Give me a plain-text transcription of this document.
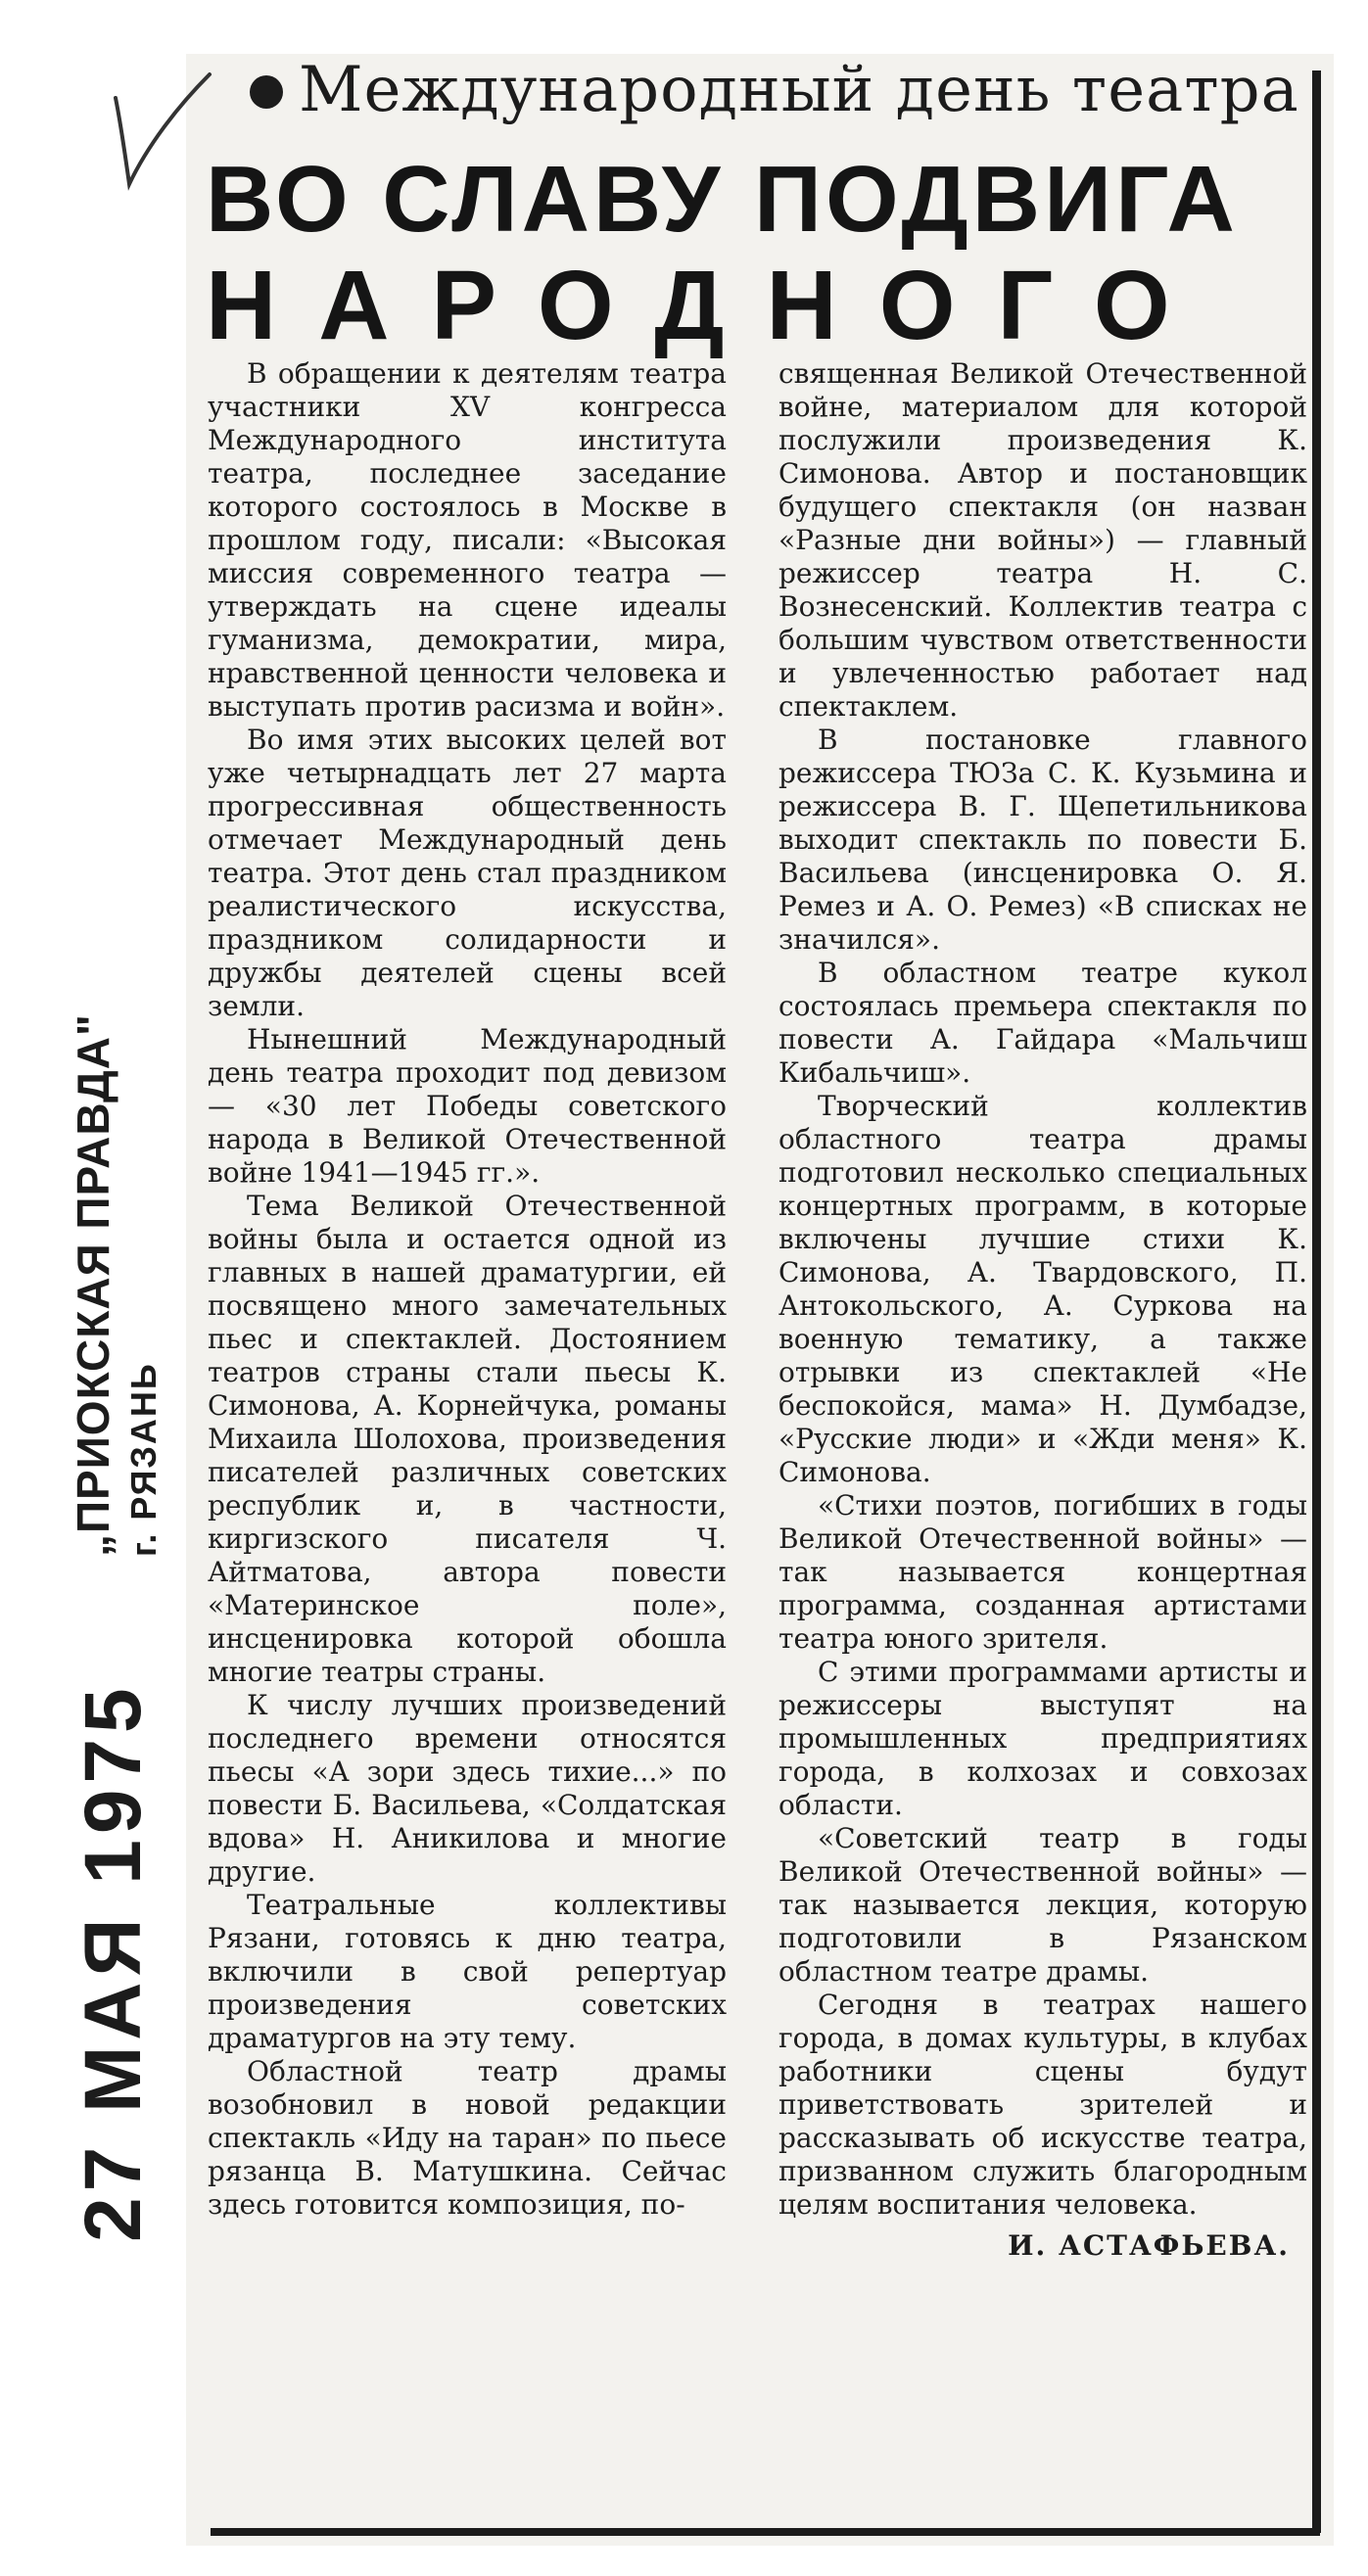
Международный день театра
ВО СЛАВУ ПОДВИГА
НАРОДНОГО

В обращении к деятелям театра участники XV конгресса Международного института театра, последнее заседание которого состоялось в Москве в прошлом году, писали: «Высокая миссия современного театра — утверждать на сцене идеалы гуманизма, демократии, мира, нравственной ценности человека и выступать против расизма и войн».

Во имя этих высоких целей вот уже четырнадцать лет 27 марта прогрессивная общественность отмечает Международный день театра. Этот день стал праздником реалистического искусства, праздником солидарности и дружбы деятелей сцены всей земли.

Нынешний Международный день театра проходит под девизом — «30 лет Победы советского народа в Великой Отечественной войне 1941—1945 гг.».

Тема Великой Отечественной войны была и остается одной из главных в нашей драматургии, ей посвящено много замечательных пьес и спектаклей. Достоянием театров страны стали пьесы К. Симонова, А. Корнейчука, романы Михаила Шолохова, произведения писателей различных советских республик и, в частности, киргизского писателя Ч. Айтматова, автора повести «Материнское поле», инсценировка которой обошла многие театры страны.

К числу лучших произведений последнего времени относятся пьесы «А зори здесь тихие...» по повести Б. Васильева, «Солдатская вдова» Н. Аникилова и многие другие.

Театральные коллективы Рязани, готовясь к дню театра, включили в свой репертуар произведения советских драматургов на эту тему.

Областной театр драмы возобновил в новой редакции спектакль «Иду на таран» по пьесе рязанца В. Матушкина. Сейчас здесь готовится композиция, по-

священная Великой Отечественной войне, материалом для которой послужили произведения К. Симонова. Автор и постановщик будущего спектакля (он назван «Разные дни войны») — главный режиссер театра Н. С. Вознесенский. Коллектив театра с большим чувством ответственности и увлеченностью работает над спектаклем.

В постановке главного режиссера ТЮЗа С. К. Кузьмина и режиссера В. Г. Щепетильникова выходит спектакль по повести Б. Васильева (инсценировка О. Я. Ремез и А. О. Ремез) «В списках не значился».

В областном театре кукол состоялась премьера спектакля по повести А. Гайдара «Мальчиш Кибальчиш».

Творческий коллектив областного театра драмы подготовил несколько специальных концертных программ, в которые включены лучшие стихи К. Симонова, А. Твардовского, П. Антокольского, А. Суркова на военную тематику, а также отрывки из спектаклей «Не беспокойся, мама» Н. Думбадзе, «Русские люди» и «Жди меня» К. Симонова.

«Стихи поэтов, погибших в годы Великой Отечественной войны» — так называется концертная программа, созданная артистами театра юного зрителя.

С этими программами артисты и режиссеры выступят на промышленных предприятиях города, в колхозах и совхозах области.

«Советский театр в годы Великой Отечественной войны» — так называется лекция, которую подготовили в Рязанском областном театре драмы.

Сегодня в театрах нашего города, в домах культуры, в клубах работники сцены будут приветствовать зрителей и рассказывать об искусстве театра, призванном служить благородным целям воспитания человека.

И. АСТАФЬЕВА.
27 МАЯ 1975
„ПРИОКСКАЯ ПРАВДА" г. РЯЗАНЬ
